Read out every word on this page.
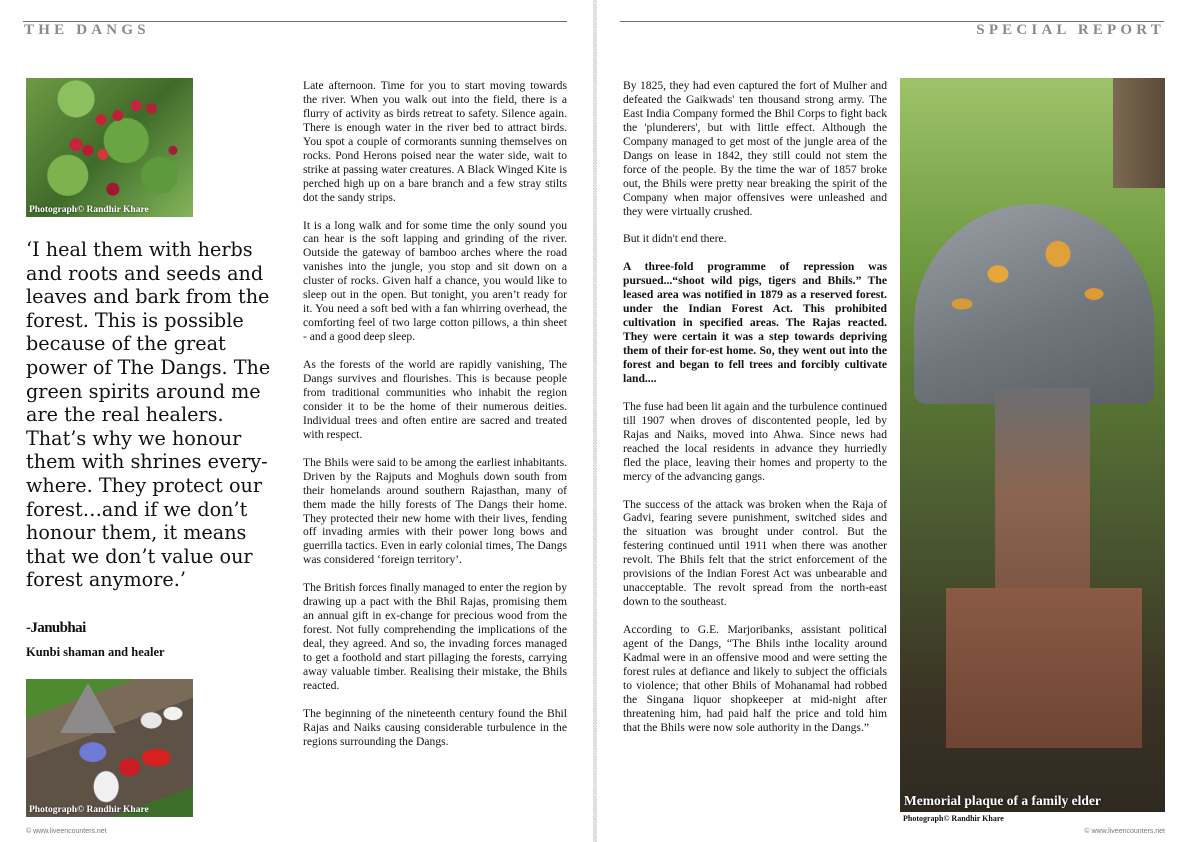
THE DANGS
Photograph© Randhir Khare
‘I heal them with herbs and roots and seeds and leaves and bark from the forest. This is possible because of the great power of The Dangs. The green spirits around me are the real healers. That’s why we honour them with shrines every-where. They protect our forest…and if we don’t honour them, it means that we don’t value our forest anymore.’
-Janubhai
Kunbi shaman and healer
Photograph© Randhir Khare

Late afternoon. Time for you to start moving towards the river. When you walk out into the field, there is a flurry of activity as birds retreat to safety. Silence again. There is enough water in the river bed to attract birds. You spot a couple of cormorants sunning themselves on rocks. Pond Herons poised near the water side, wait to strike at passing water creatures. A Black Winged Kite is perched high up on a bare branch and a few stray stilts dot the sandy strips.

It is a long walk and for some time the only sound you can hear is the soft lapping and grinding of the river. Outside the gateway of bamboo arches where the road vanishes into the jungle, you stop and sit down on a cluster of rocks. Given half a chance, you would like to sleep out in the open. But tonight, you aren’t ready for it. You need a soft bed with a fan whirring overhead, the comforting feel of two large cotton pillows, a thin sheet - and a good deep sleep.

As the forests of the world are rapidly vanishing, The Dangs survives and flourishes. This is because people from traditional communities who inhabit the region consider it to be the home of their numerous deities. Individual trees and often entire are sacred and treated with respect.

The Bhils were said to be among the earliest inhabitants. Driven by the Rajputs and Moghuls down south from their homelands around southern Rajasthan, many of them made the hilly forests of The Dangs their home. They protected their new home with their lives, fending off invading armies with their power long bows and guerrilla tactics. Even in early colonial times, The Dangs was considered ‘foreign territory’.

The British forces finally managed to enter the region by drawing up a pact with the Bhil Rajas, promising them an annual gift in ex-change for precious wood from the forest. Not fully comprehending the implications of the deal, they agreed. And so, the invading forces managed to get a foothold and start pillaging the forests, carrying away valuable timber. Realising their mistake, the Bhils reacted.

The beginning of the nineteenth century found the Bhil Rajas and Naiks causing considerable turbulence in the regions surrounding the Dangs.

© www.liveencounters.net
SPECIAL REPORT

By 1825, they had even captured the fort of Mulher and defeated the Gaikwads' ten thousand strong army. The East India Company formed the Bhil Corps to fight back the 'plunderers', but with little effect. Although the Company managed to get most of the jungle area of the Dangs on lease in 1842, they still could not stem the force of the people. By the time the war of 1857 broke out, the Bhils were pretty near breaking the spirit of the Company when major offensives were unleashed and they were virtually crushed.

But it didn't end there.

A three-fold programme of repression was pursued...“shoot wild pigs, tigers and Bhils.” The leased area was notified in 1879 as a reserved forest. under the Indian Forest Act. This prohibited cultivation in specified areas. The Rajas reacted. They were certain it was a step towards depriving them of their for-est home. So, they went out into the forest and began to fell trees and forcibly cultivate land....

The fuse had been lit again and the turbulence continued till 1907 when droves of discontented people, led by Rajas and Naiks, moved into Ahwa. Since news had reached the local residents in advance they hurriedly fled the place, leaving their homes and property to the mercy of the advancing gangs.

The success of the attack was broken when the Raja of Gadvi, fearing severe punishment, switched sides and the situation was brought under control. But the festering continued until 1911 when there was another revolt. The Bhils felt that the strict enforcement of the provisions of the Indian Forest Act was unbearable and unacceptable. The revolt spread from the north-east down to the southeast.

According to G.E. Marjoribanks, assistant political agent of the Dangs, “The Bhils inthe locality around Kadmal were in an offensive mood and were setting the forest rules at defiance and likely to subject the officials to violence; that other Bhils of Mohanamal had robbed the Singana liquor shopkeeper at mid-night after threatening him, had paid half the price and told him that the Bhils were now sole authority in the Dangs.”

© www.liveencounters.net
Memorial plaque of a family elder
Photograph© Randhir Khare
